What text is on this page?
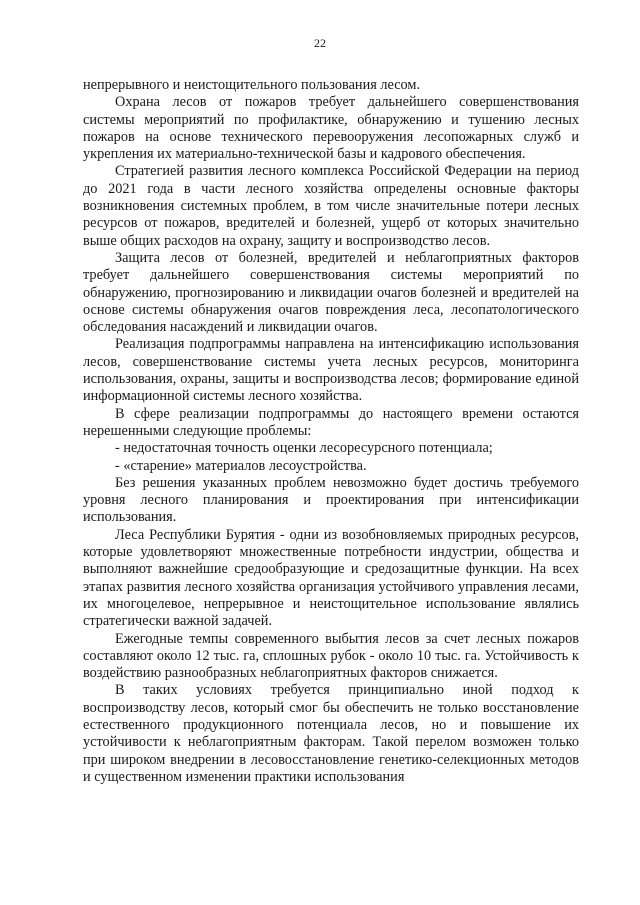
22

непрерывного и неистощительного пользования лесом.

Охрана лесов от пожаров требует дальнейшего совершенствования системы мероприятий по профилактике, обнаружению и тушению лесных пожаров на основе технического перевооружения лесопожарных служб и укрепления их материально-технической базы и кадрового обеспечения.

Стратегией развития лесного комплекса Российской Федерации на период до 2021 года в части лесного хозяйства определены основные факторы возникновения системных проблем, в том числе значительные потери лесных ресурсов от пожаров, вредителей и болезней, ущерб от которых значительно выше общих расходов на охрану, защиту и воспроизводство лесов.

Защита лесов от болезней, вредителей и неблагоприятных факторов требует дальнейшего совершенствования системы мероприятий по обнаружению, прогнозированию и ликвидации очагов болезней и вредителей на основе системы обнаружения очагов повреждения леса, лесопатологического обследования насаждений и ликвидации очагов.

Реализация подпрограммы направлена на интенсификацию использования лесов, совершенствование системы учета лесных ресурсов, мониторинга использования, охраны, защиты и воспроизводства лесов; формирование единой информационной системы лесного хозяйства.

В сфере реализации подпрограммы до настоящего времени остаются нерешенными следующие проблемы:

- недостаточная точность оценки лесоресурсного потенциала;

- «старение» материалов лесоустройства.

Без решения указанных проблем невозможно будет достичь требуемого уровня лесного планирования и проектирования при интенсификации использования.

Леса Республики Бурятия - одни из возобновляемых природных ресурсов, которые удовлетворяют множественные потребности индустрии, общества и выполняют важнейшие средообразующие и средозащитные функции. На всех этапах развития лесного хозяйства организация устойчивого управления лесами, их многоцелевое, непрерывное и неистощительное использование являлись стратегически важной задачей.

Ежегодные темпы современного выбытия лесов за счет лесных пожаров составляют около 12 тыс. га, сплошных рубок - около 10 тыс. га. Устойчивость к воздействию разнообразных неблагоприятных факторов снижается.

В таких условиях требуется принципиально иной подход к воспроизводству лесов, который смог бы обеспечить не только восстановление естественного продукционного потенциала лесов, но и повышение их устойчивости к неблагоприятным факторам. Такой перелом возможен только при широком внедрении в лесовосстановление генетико-селекционных методов и существенном изменении практики использования
